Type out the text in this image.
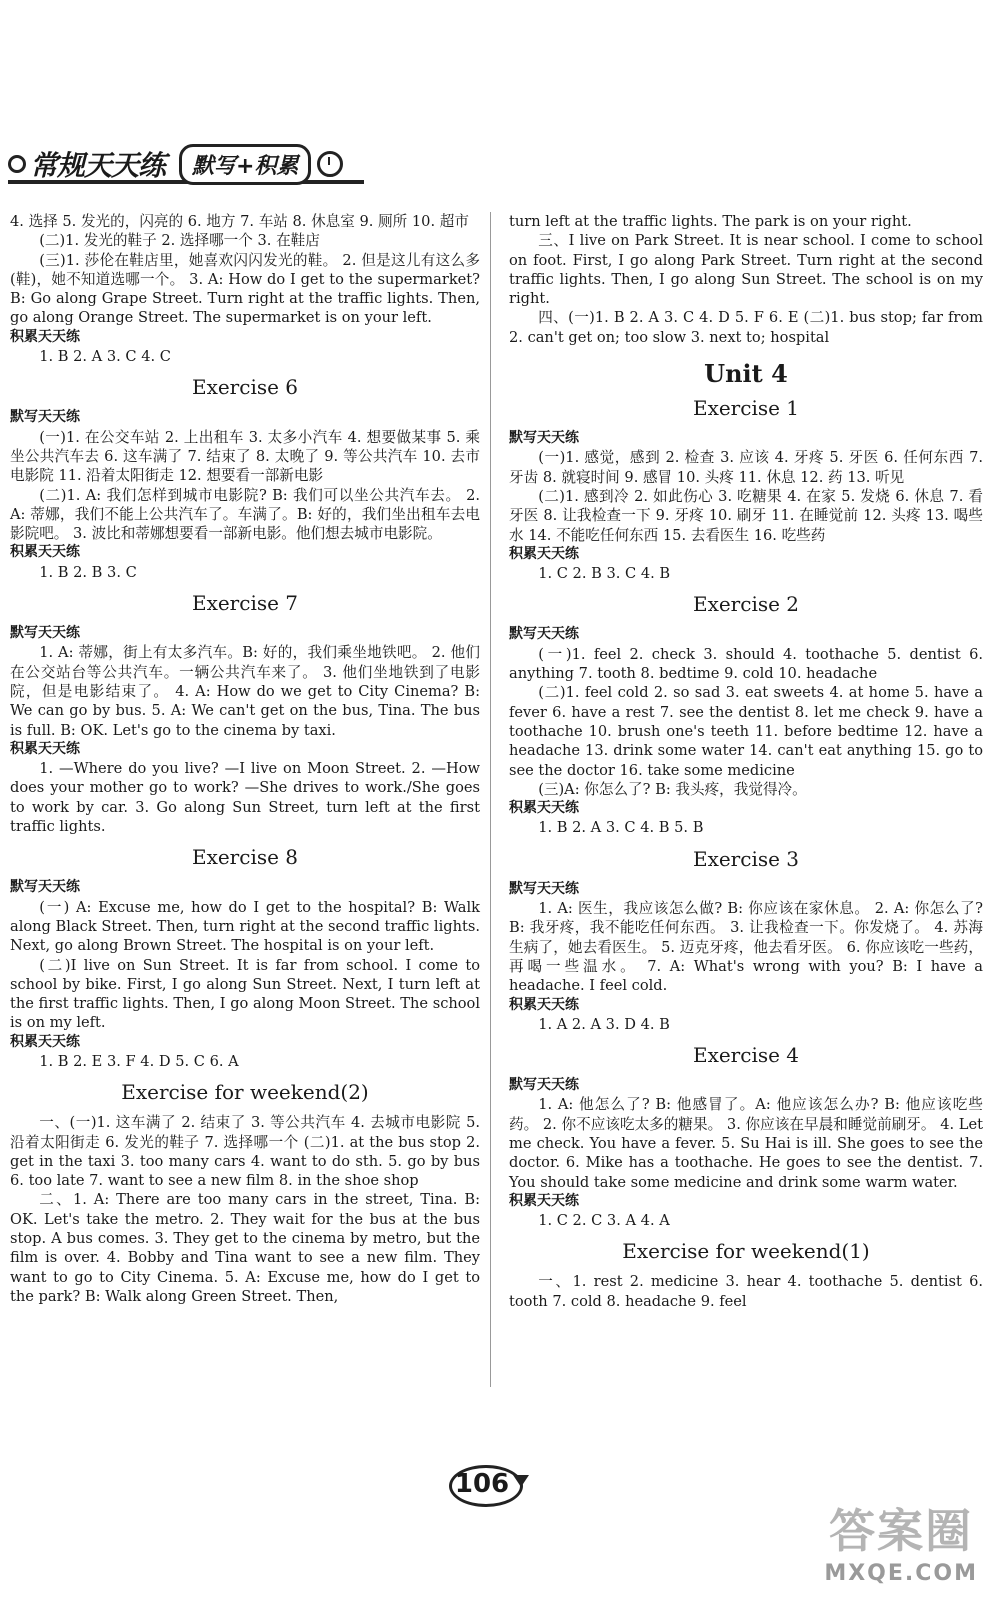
常规天天练	默写+积累

4. 选择 5. 发光的，闪亮的 6. 地方 7. 车站 8. 休息室 9. 厕所 10. 超市

(二)1. 发光的鞋子 2. 选择哪一个 3. 在鞋店

(三)1. 莎伦在鞋店里，她喜欢闪闪发光的鞋。 2. 但是这儿有这么多(鞋)，她不知道选哪一个。 3. A: How do I get to the supermarket? B: Go along Grape Street. Turn right at the traffic lights. Then, go along Orange Street. The supermarket is on your left.

积累天天练

1. B 2. A 3. C 4. C

Exercise 6
默写天天练

(一)1. 在公交车站 2. 上出租车 3. 太多小汽车 4. 想要做某事 5. 乘坐公共汽车去 6. 这车满了 7. 结束了 8. 太晚了 9. 等公共汽车 10. 去市电影院 11. 沿着太阳街走 12. 想要看一部新电影

(二)1. A: 我们怎样到城市电影院? B: 我们可以坐公共汽车去。 2. A: 蒂娜，我们不能上公共汽车了。车满了。B: 好的，我们坐出租车去电影院吧。 3. 波比和蒂娜想要看一部新电影。他们想去城市电影院。

积累天天练

1. B 2. B 3. C

Exercise 7
默写天天练

1. A: 蒂娜，街上有太多汽车。B: 好的，我们乘坐地铁吧。 2. 他们在公交站台等公共汽车。一辆公共汽车来了。 3. 他们坐地铁到了电影院，但是电影结束了。 4. A: How do we get to City Cinema? B: We can go by bus. 5. A: We can't get on the bus, Tina. The bus is full. B: OK. Let's go to the cinema by taxi.

积累天天练

1. —Where do you live? —I live on Moon Street. 2. —How does your mother go to work? —She drives to work./She goes to work by car. 3. Go along Sun Street, turn left at the first traffic lights.

Exercise 8
默写天天练

(一) A: Excuse me, how do I get to the hospital? B: Walk along Black Street. Then, turn right at the second traffic lights. Next, go along Brown Street. The hospital is on your left.

(二)I live on Sun Street. It is far from school. I come to school by bike. First, I go along Sun Street. Next, I turn left at the first traffic lights. Then, I go along Moon Street. The school is on my left.

积累天天练

1. B 2. E 3. F 4. D 5. C 6. A

Exercise for weekend(2)

一、(一)1. 这车满了 2. 结束了 3. 等公共汽车 4. 去城市电影院 5. 沿着太阳街走 6. 发光的鞋子 7. 选择哪一个 (二)1. at the bus stop 2. get in the taxi 3. too many cars 4. want to do sth. 5. go by bus 6. too late 7. want to see a new film 8. in the shoe shop

二、1. A: There are too many cars in the street, Tina. B: OK. Let's take the metro. 2. They wait for the bus at the bus stop. A bus comes. 3. They get to the cinema by metro, but the film is over. 4. Bobby and Tina want to see a new film. They want to go to City Cinema. 5. A: Excuse me, how do I get to the park? B: Walk along Green Street. Then,

turn left at the traffic lights. The park is on your right.

三、I live on Park Street. It is near school. I come to school on foot. First, I go along Park Street. Turn right at the second traffic lights. Then, I go along Sun Street. The school is on my right.

四、(一)1. B 2. A 3. C 4. D 5. F 6. E (二)1. bus stop; far from 2. can't get on; too slow 3. next to; hospital

Unit 4
Exercise 1
默写天天练

(一)1. 感觉，感到 2. 检查 3. 应该 4. 牙疼 5. 牙医 6. 任何东西 7. 牙齿 8. 就寝时间 9. 感冒 10. 头疼 11. 休息 12. 药 13. 听见

(二)1. 感到冷 2. 如此伤心 3. 吃糖果 4. 在家 5. 发烧 6. 休息 7. 看牙医 8. 让我检查一下 9. 牙疼 10. 刷牙 11. 在睡觉前 12. 头疼 13. 喝些水 14. 不能吃任何东西 15. 去看医生 16. 吃些药

积累天天练

1. C 2. B 3. C 4. B

Exercise 2
默写天天练

(一)1. feel 2. check 3. should 4. toothache 5. dentist 6. anything 7. tooth 8. bedtime 9. cold 10. headache

(二)1. feel cold 2. so sad 3. eat sweets 4. at home 5. have a fever 6. have a rest 7. see the dentist 8. let me check 9. have a toothache 10. brush one's teeth 11. before bedtime 12. have a headache 13. drink some water 14. can't eat anything 15. go to see the doctor 16. take some medicine

(三)A: 你怎么了? B: 我头疼，我觉得冷。

积累天天练

1. B 2. A 3. C 4. B 5. B

Exercise 3
默写天天练

1. A: 医生，我应该怎么做? B: 你应该在家休息。 2. A: 你怎么了? B: 我牙疼，我不能吃任何东西。 3. 让我检查一下。你发烧了。 4. 苏海生病了，她去看医生。 5. 迈克牙疼，他去看牙医。 6. 你应该吃一些药，再喝一些温水。 7. A: What's wrong with you? B: I have a headache. I feel cold.

积累天天练

1. A 2. A 3. D 4. B

Exercise 4
默写天天练

1. A: 他怎么了? B: 他感冒了。A: 他应该怎么办? B: 他应该吃些药。 2. 你不应该吃太多的糖果。 3. 你应该在早晨和睡觉前刷牙。 4. Let me check. You have a fever. 5. Su Hai is ill. She goes to see the doctor. 6. Mike has a toothache. He goes to see the dentist. 7. You should take some medicine and drink some warm water.

积累天天练

1. C 2. C 3. A 4. A

Exercise for weekend(1)

一、1. rest 2. medicine 3. hear 4. toothache 5. dentist 6. tooth 7. cold 8. headache 9. feel

106
答案圈
MXQE.COM
